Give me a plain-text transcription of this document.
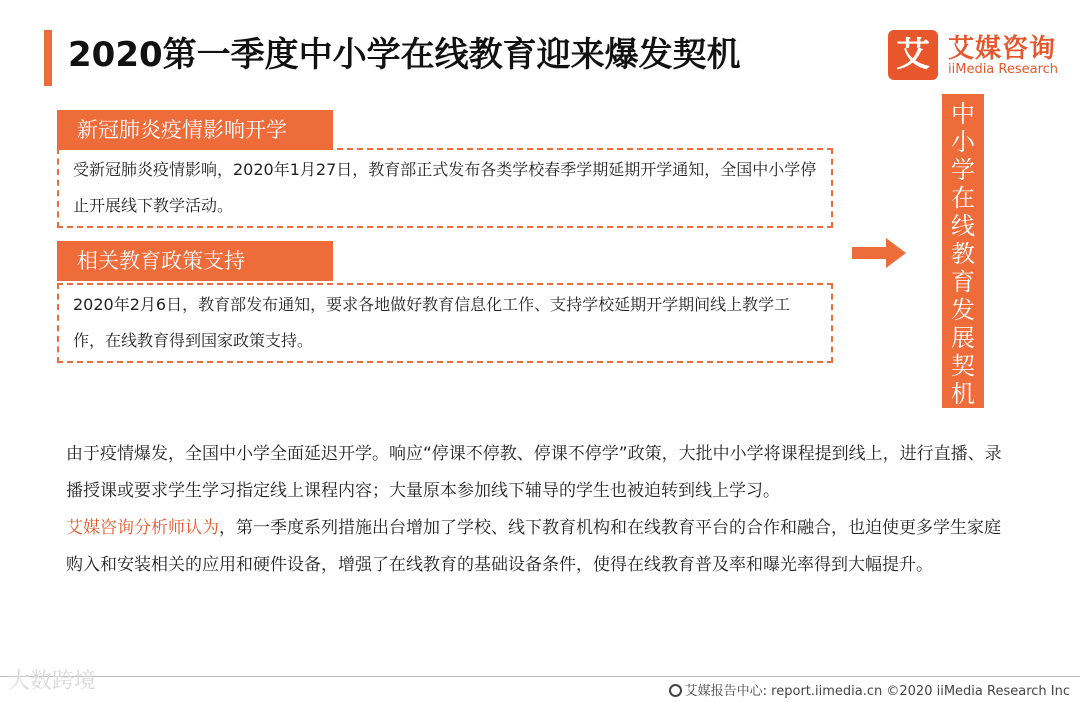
2020第一季度中小学在线教育迎来爆发契机	艾 艾媒咨询
iiMedia Research
新冠肺炎疫情影响开学
受新冠肺炎疫情影响，2020年1月27日，教育部正式发布各类学校春季学期延期开学通知，全国中小学停止开展线下教学活动。
相关教育政策支持
2020年2月6日，教育部发布通知，要求各地做好教育信息化工作、支持学校延期开学期间线上教学工作，在线教育得到国家政策支持。
中
小
学
在
线
教
育
发
展
契
机

由于疫情爆发，全国中小学全面延迟开学。响应“停课不停教、停课不停学”政策，大批中小学将课程提到线上，进行直播、录播授课或要求学生学习指定线上课程内容；大量原本参加线下辅导的学生也被迫转到线上学习。

艾媒咨询分析师认为，第一季度系列措施出台增加了学校、线下教育机构和在线教育平台的合作和融合，也迫使更多学生家庭购入和安装相关的应用和硬件设备，增强了在线教育的基础设备条件，使得在线教育普及率和曝光率得到大幅提升。

大数跨境	艾媒报告中心: report.iimedia.cn ©2020 iiMedia Research Inc
